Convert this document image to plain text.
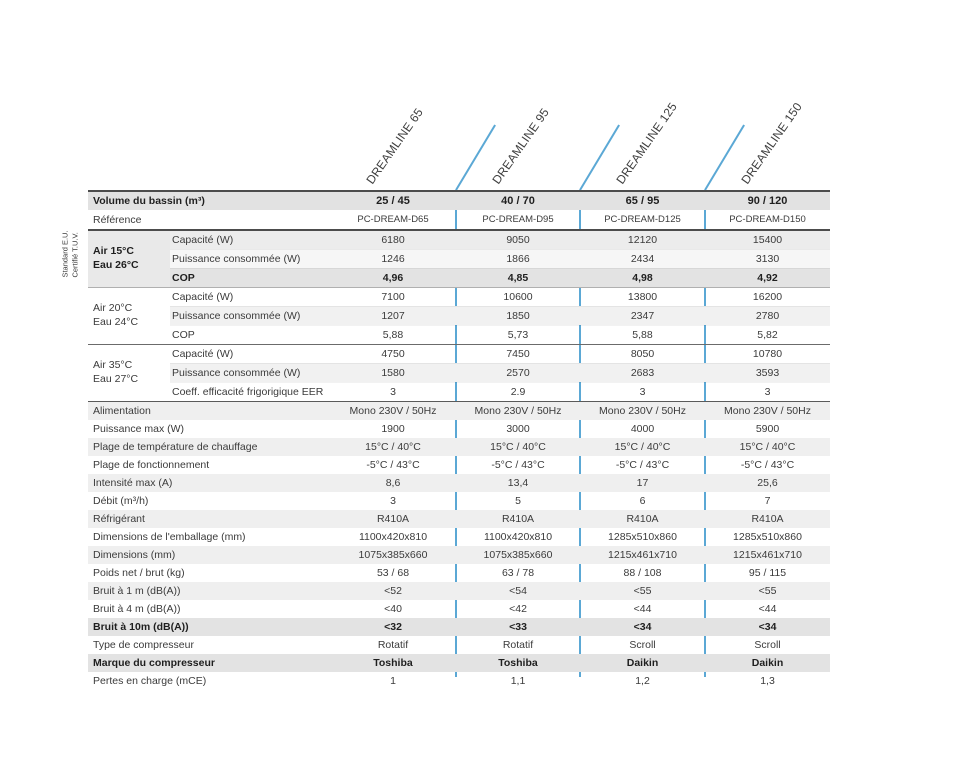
DREAMLINE 65	DREAMLINE 95	DREAMLINE 125	DREAMLINE 150
Standard E.U. Certifié T.U.V.
Volume du bassin (m³)	25 / 45	40 / 70	65 / 95	90 / 120
Référence	PC-DREAM-D65	PC-DREAM-D95	PC-DREAM-D125	PC-DREAM-D150
Air 15°C
Eau 26°C
Capacité (W)	6180	9050	12120	15400
Puissance consommée (W)	1246	1866	2434	3130
COP	4,96	4,85	4,98	4,92
Air 20°C
Eau 24°C
Capacité (W)	7100	10600	13800	16200
Puissance consommée (W)	1207	1850	2347	2780
COP	5,88	5,73	5,88	5,82
Air 35°C
Eau 27°C
Capacité (W)	4750	7450	8050	10780
Puissance consommée (W)	1580	2570	2683	3593
Coeff. efficacité frigorigique EER	3	2.9	3	3
Alimentation	Mono 230V / 50Hz	Mono 230V / 50Hz	Mono 230V / 50Hz	Mono 230V / 50Hz
Puissance max (W)	1900	3000	4000	5900
Plage de température de chauffage	15°C / 40°C	15°C / 40°C	15°C / 40°C	15°C / 40°C
Plage de fonctionnement	-5°C / 43°C	-5°C / 43°C	-5°C / 43°C	-5°C / 43°C
Intensité max (A)	8,6	13,4	17	25,6
Débit (m³/h)	3	5	6	7
Réfrigérant	R410A	R410A	R410A	R410A
Dimensions de l'emballage (mm)	1100x420x810	1100x420x810	1285x510x860	1285x510x860
Dimensions (mm)	1075x385x660	1075x385x660	1215x461x710	1215x461x710
Poids net / brut (kg)	53 / 68	63 / 78	88 / 108	95 / 115
Bruit à 1 m (dB(A))	<52	<54	<55	<55
Bruit à 4 m (dB(A))	<40	<42	<44	<44
Bruit à 10m (dB(A))	<32	<33	<34	<34
Type de compresseur	Rotatif	Rotatif	Scroll	Scroll
Marque du compresseur	Toshiba	Toshiba	Daikin	Daikin
Pertes en charge (mCE)	1	1,1	1,2	1,3
